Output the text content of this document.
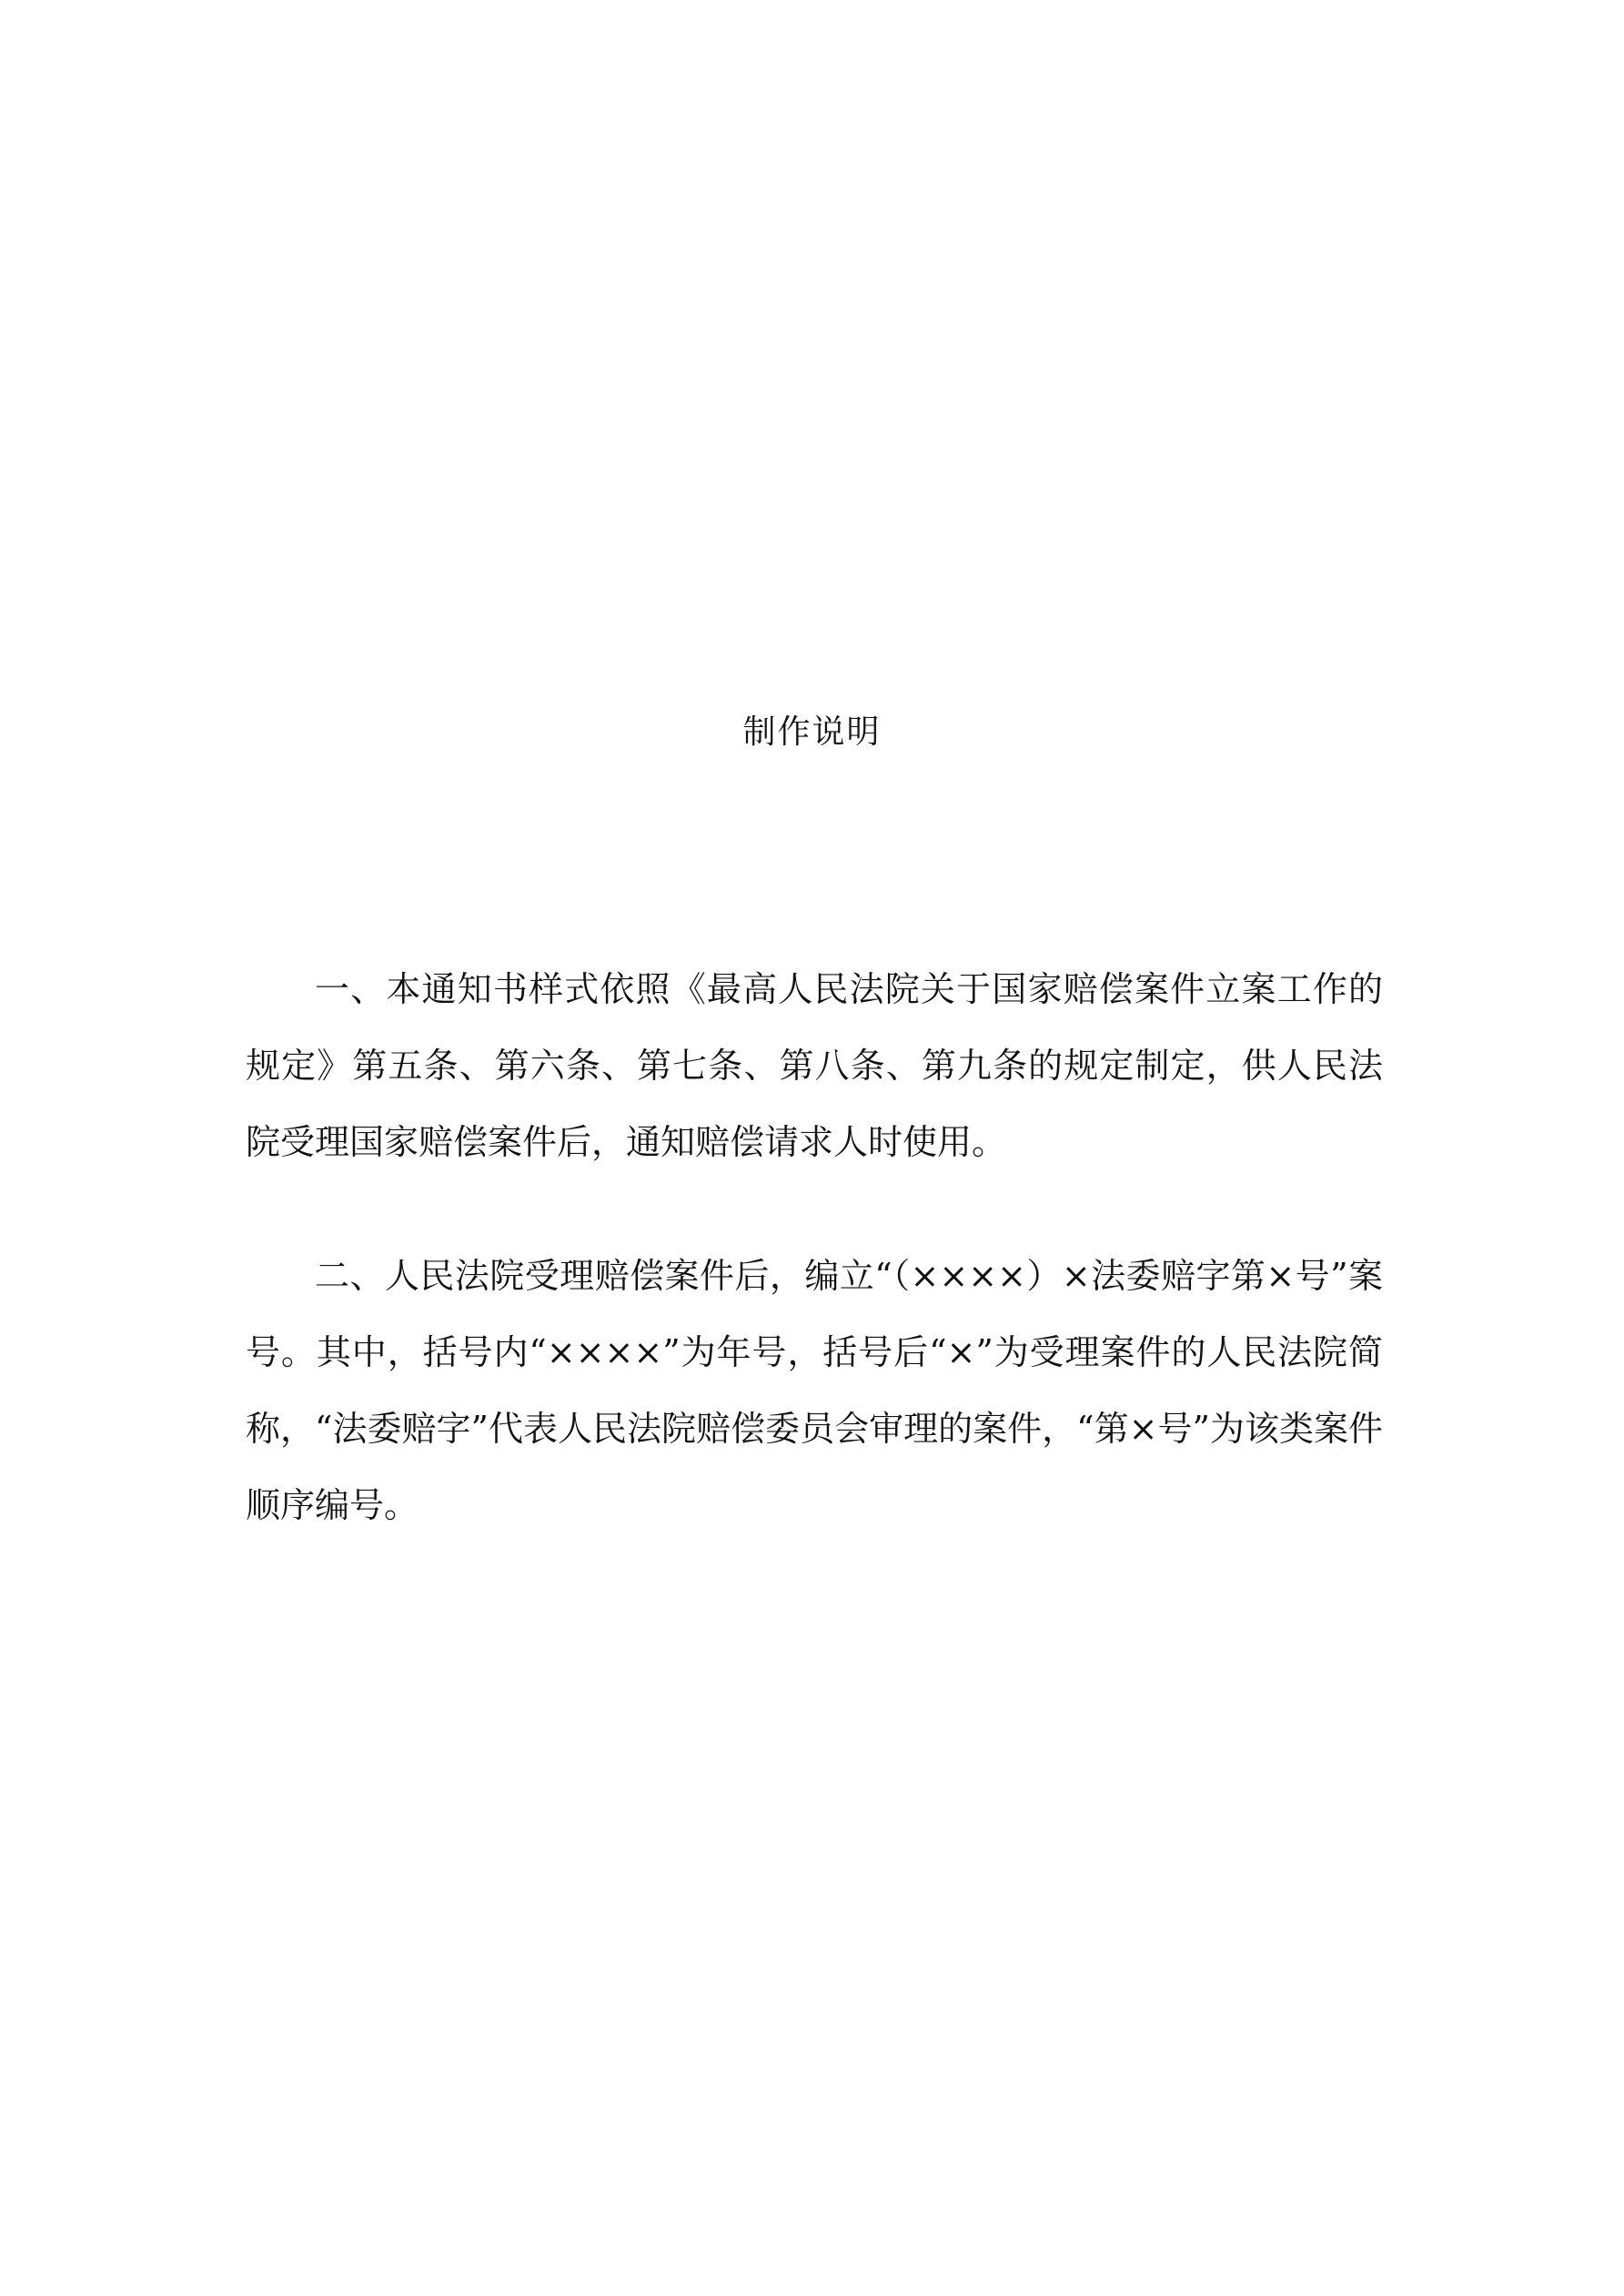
制作说明

一、本通知书样式依照《最高人民法院关于国家赔偿案件立案工作的规定》第五条、第六条、第七条、第八条、第九条的规定制定，供人民法院受理国家赔偿案件后，通知赔偿请求人时使用。

二、人民法院受理赔偿案件后，编立“（××××）×法委赔字第×号”案号。其中，括号内“××××”为年号，括号后“×”为受理案件的人民法院简称，“法委赔字”代表人民法院赔偿委员会审理的案件，“第×号”为该类案件顺序编号。
